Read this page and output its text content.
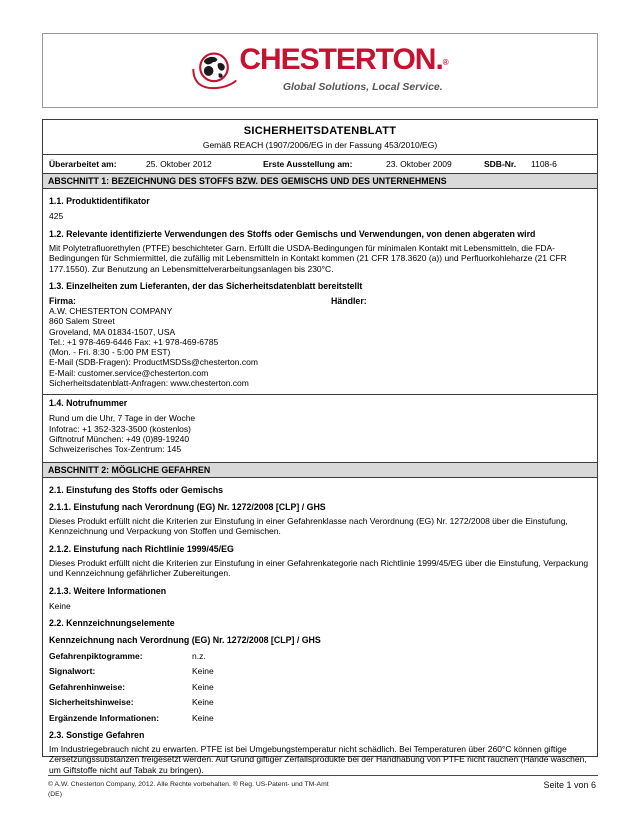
CHESTERTON.®
Global Solutions, Local Service.
SICHERHEITSDATENBLATT
Gemäß REACH (1907/2006/EG in der Fassung 453/2010/EG)
Überarbeitet am:	25. Oktober 2012	Erste Ausstellung am:	23. Oktober 2009	SDB-Nr.	1108-6
ABSCHNITT 1: BEZEICHNUNG DES STOFFS BZW. DES GEMISCHS UND DES UNTERNEHMENS
1.1. Produktidentifikator
425
1.2. Relevante identifizierte Verwendungen des Stoffs oder Gemischs und Verwendungen, von denen abgeraten wird
Mit Polytetrafluorethylen (PTFE) beschichteter Garn. Erfüllt die USDA-Bedingungen für minimalen Kontakt mit Lebensmitteln, die FDA-Bedingungen für Schmiermittel, die zufällig mit Lebensmitteln in Kontakt kommen (21 CFR 178.3620 (a)) und Perfluorkohleharze (21 CFR 177.1550). Zur Benutzung an Lebensmittelverarbeitungsanlagen bis 230°C.
1.3. Einzelheiten zum Lieferanten, der das Sicherheitsdatenblatt bereitstellt
Firma:
A.W. CHESTERTON COMPANY
860 Salem Street
Groveland, MA 01834-1507, USA
Tel.: +1 978-469-6446 Fax: +1 978-469-6785
(Mon. - Fri. 8:30 - 5:00 PM EST)
E-Mail (SDB-Fragen): ProductMSDSs@chesterton.com
E-Mail: customer.service@chesterton.com
Sicherheitsdatenblatt-Anfragen: www.chesterton.com
Händler:
1.4. Notrufnummer
Rund um die Uhr, 7 Tage in der Woche
Infotrac: +1 352-323-3500 (kostenlos)
Giftnotruf München: +49 (0)89-19240
Schweizerisches Tox-Zentrum: 145
ABSCHNITT 2: MÖGLICHE GEFAHREN
2.1. Einstufung des Stoffs oder Gemischs
2.1.1. Einstufung nach Verordnung (EG) Nr. 1272/2008 [CLP] / GHS
Dieses Produkt erfüllt nicht die Kriterien zur Einstufung in einer Gefahrenklasse nach Verordnung (EG) Nr. 1272/2008 über die Einstufung, Kennzeichnung und Verpackung von Stoffen und Gemischen.
2.1.2. Einstufung nach Richtlinie 1999/45/EG
Dieses Produkt erfüllt nicht die Kriterien zur Einstufung in einer Gefahrenkategorie nach Richtlinie 1999/45/EG über die Einstufung, Verpackung und Kennzeichnung gefährlicher Zubereitungen.
2.1.3. Weitere Informationen
Keine
2.2. Kennzeichnungselemente
Kennzeichnung nach Verordnung (EG) Nr. 1272/2008 [CLP] / GHS
Gefahrenpiktogramme:	n.z.
Signalwort:	Keine
Gefahrenhinweise:	Keine
Sicherheitshinweise:	Keine
Ergänzende Informationen:	Keine
2.3. Sonstige Gefahren
Im Industriegebrauch nicht zu erwarten. PTFE ist bei Umgebungstemperatur nicht schädlich. Bei Temperaturen über 260°C können giftige Zersetzungssubstanzen freigesetzt werden. Auf Grund giftiger Zerfallsprodukte bei der Handhabung von PTFE nicht rauchen (Hände waschen, um Giftstoffe nicht auf Tabak zu bringen).
© A.W. Chesterton Company, 2012. Alle Rechte vorbehalten. ® Reg. US-Patent- und TM-Amt
(DE)
Seite 1 von 6
